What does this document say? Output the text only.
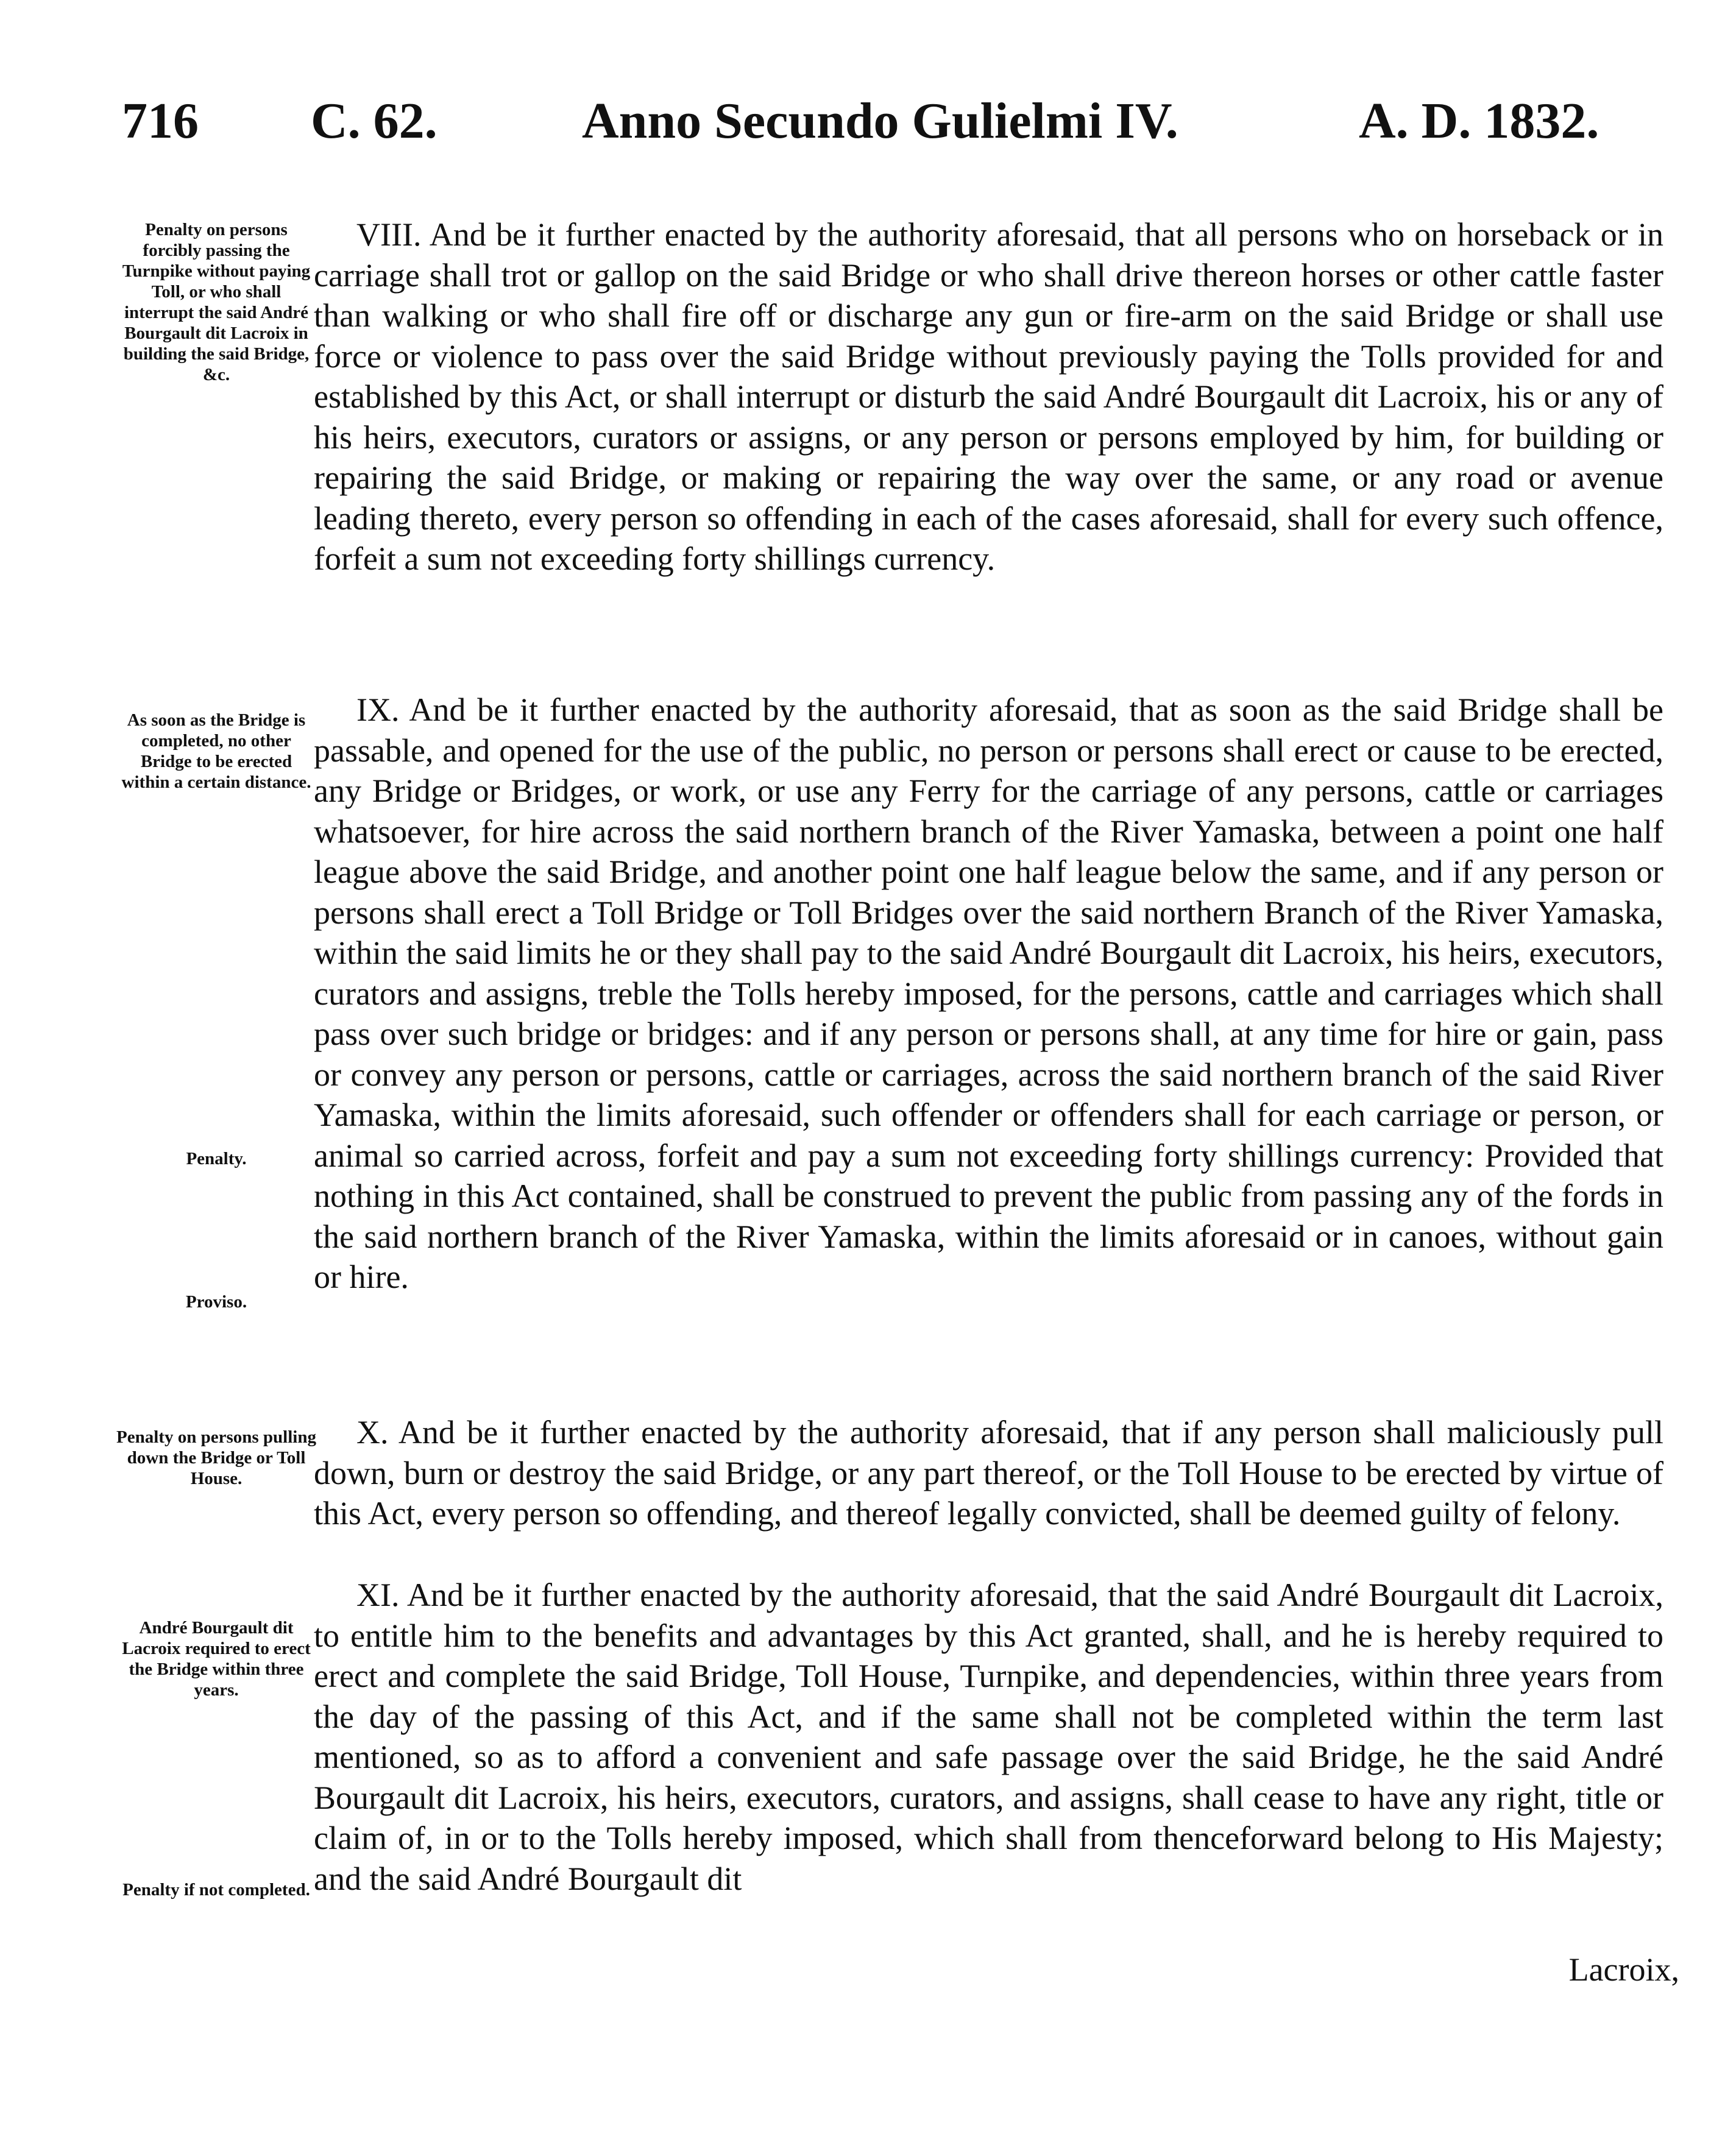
716 C. 62.	Anno Secundo Gulielmi IV.	A. D. 1832.
Penalty on persons forcibly passing the Turnpike without paying Toll, or who shall interrupt the said André Bourgault dit Lacroix in building the said Bridge, &c.

VIII. And be it further enacted by the authority aforesaid, that all persons who on horseback or in carriage shall trot or gallop on the said Bridge or who shall drive thereon horses or other cattle faster than walking or who shall fire off or discharge any gun or fire-arm on the said Bridge or shall use force or violence to pass over the said Bridge without previously paying the Tolls provided for and established by this Act, or shall interrupt or disturb the said André Bourgault dit Lacroix, his or any of his heirs, executors, curators or assigns, or any person or persons employed by him, for building or repairing the said Bridge, or making or repairing the way over the same, or any road or avenue leading thereto, every person so offending in each of the cases aforesaid, shall for every such offence, forfeit a sum not exceeding forty shillings currency.

As soon as the Bridge is completed, no other Bridge to be erected within a certain distance.

IX. And be it further enacted by the authority aforesaid, that as soon as the said Bridge shall be passable, and opened for the use of the public, no person or persons shall erect or cause to be erected, any Bridge or Bridges, or work, or use any Ferry for the carriage of any persons, cattle or carriages whatsoever, for hire across the said northern branch of the River Yamaska, between a point one half league above the said Bridge, and another point one half league below the same, and if any person or persons shall erect a Toll Bridge or Toll Bridges over the said northern Branch of the River Yamaska, within the said limits he or they shall pay to the said André Bourgault dit Lacroix, his heirs, executors, curators and assigns, treble the Tolls hereby imposed, for the persons, cattle and carriages which shall pass over such bridge or bridges: and if any person or persons shall, at any time for hire or gain, pass or convey any person or persons, cattle or carriages, across the said northern branch of the said River Yamaska, within the limits aforesaid, such offender or offenders shall for each carriage or person, or animal so carried across, forfeit and pay a sum not exceeding forty shillings currency: Provided that nothing in this Act contained, shall be construed to prevent the public from passing any of the fords in the said northern branch of the River Yamaska, within the limits aforesaid or in canoes, without gain or hire.

Penalty.
Proviso.
Penalty on persons pulling down the Bridge or Toll House.

X. And be it further enacted by the authority aforesaid, that if any person shall maliciously pull down, burn or destroy the said Bridge, or any part thereof, or the Toll House to be erected by virtue of this Act, every person so offending, and thereof legally convicted, shall be deemed guilty of felony.

André Bourgault dit Lacroix required to erect the Bridge within three years.

XI. And be it further enacted by the authority aforesaid, that the said André Bourgault dit Lacroix, to entitle him to the benefits and advantages by this Act granted, shall, and he is hereby required to erect and complete the said Bridge, Toll House, Turnpike, and dependencies, within three years from the day of the passing of this Act, and if the same shall not be completed within the term last mentioned, so as to afford a convenient and safe passage over the said Bridge, he the said André Bourgault dit Lacroix, his heirs, executors, curators, and assigns, shall cease to have any right, title or claim of, in or to the Tolls hereby imposed, which shall from thenceforward belong to His Majesty; and the said André Bourgault dit

Penalty if not completed.
Lacroix,
